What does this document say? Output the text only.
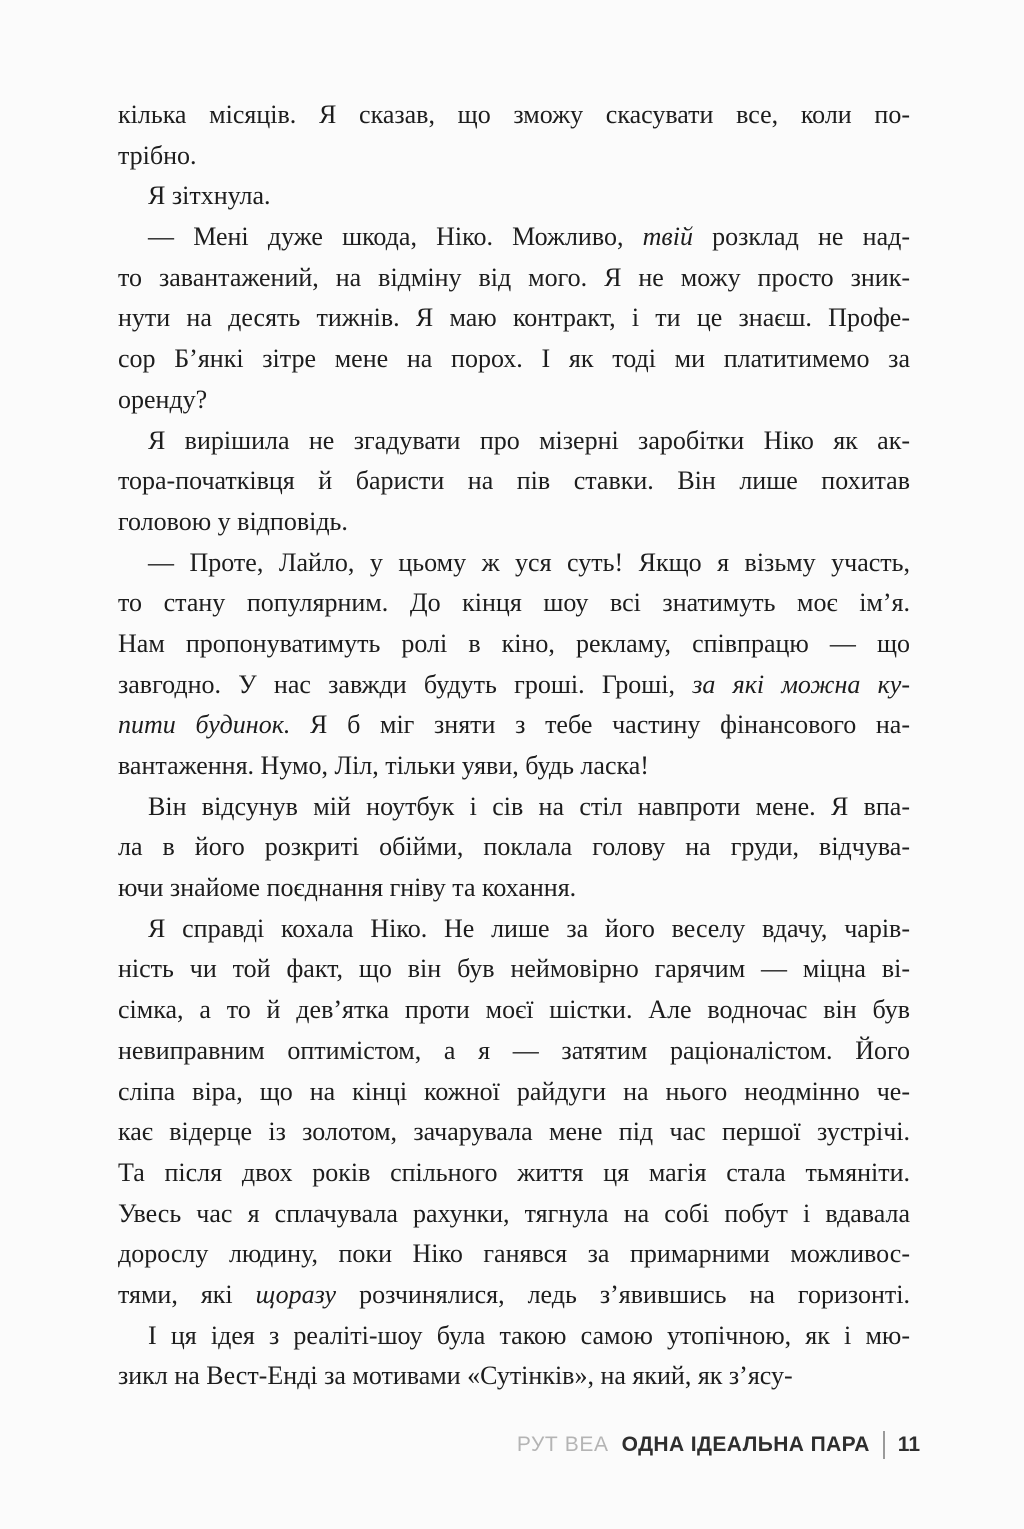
кілька місяців. Я сказав, що зможу скасувати все, коли по-
трібно.
Я зітхнула.
— Мені дуже шкода, Ніко. Можливо, твій розклад не над-
то завантажений, на відміну від мого. Я не можу просто зник-
нути на десять тижнів. Я маю контракт, і ти це знаєш. Профе-
сор Б’янкі зітре мене на порох. І як тоді ми платитимемо за
оренду?
Я вирішила не згадувати про мізерні заробітки Ніко як ак-
тора-початківця й баристи на пів ставки. Він лише похитав
головою у відповідь.
— Проте, Лайло, у цьому ж уся суть! Якщо я візьму участь,
то стану популярним. До кінця шоу всі знатимуть моє ім’я.
Нам пропонуватимуть ролі в кіно, рекламу, співпрацю — що
завгодно. У нас завжди будуть гроші. Гроші, за які можна ку-
пити будинок. Я б міг зняти з тебе частину фінансового на-
вантаження. Нумо, Ліл, тільки уяви, будь ласка!
Він відсунув мій ноутбук і сів на стіл навпроти мене. Я впа-
ла в його розкриті обійми, поклала голову на груди, відчува-
ючи знайоме поєднання гніву та кохання.
Я справді кохала Ніко. Не лише за його веселу вдачу, чарів-
ність чи той факт, що він був неймовірно гарячим — міцна ві-
сімка, а то й дев’ятка проти моєї шістки. Але водночас він був
невиправним оптимістом, а я — затятим раціоналістом. Його
сліпа віра, що на кінці кожної райдуги на нього неодмінно че-
кає відерце із золотом, зачарувала мене під час першої зустрічі.
Та після двох років спільного життя ця магія стала тьмяніти.
Увесь час я сплачувала рахунки, тягнула на собі побут і вдавала
дорослу людину, поки Ніко ганявся за примарними можливос-
тями, які щоразу розчинялися, ледь з’явившись на горизонті.
І ця ідея з реаліті-шоу була такою самою утопічною, як і мю-
зикл на Вест-Енді за мотивами «Сутінків», на який, як з’ясу-
РУТ ВЕА ОДНА ІДЕАЛЬНА ПАРА 11
